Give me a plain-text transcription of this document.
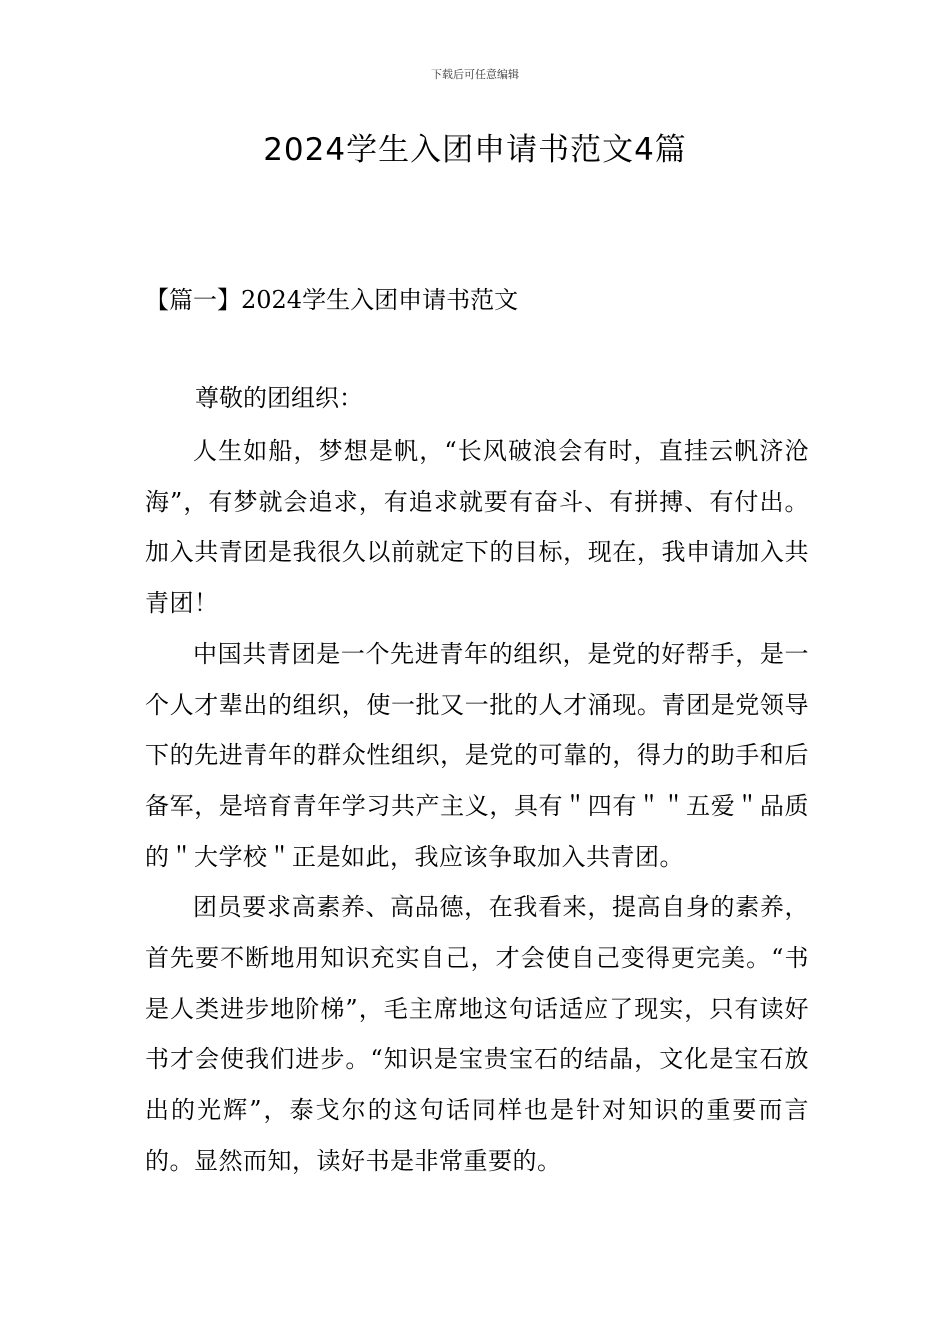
下载后可任意编辑
2024学生入团申请书范文4篇
【篇一】2024学生入团申请书范文
尊敬的团组织：

人生如船，梦想是帆，“长风破浪会有时，直挂云帆济沧海”，有梦就会追求，有追求就要有奋斗、有拼搏、有付出。加入共青团是我很久以前就定下的目标，现在，我申请加入共青团！

中国共青团是一个先进青年的组织，是党的好帮手，是一个人才辈出的组织，使一批又一批的人才涌现。青团是党领导下的先进青年的群众性组织，是党的可靠的，得力的助手和后备军，是培育青年学习共产主义，具有＂四有＂＂五爱＂品质的＂大学校＂正是如此，我应该争取加入共青团。

团员要求高素养、高品德，在我看来，提高自身的素养，首先要不断地用知识充实自己，才会使自己变得更完美。“书是人类进步地阶梯”，毛主席地这句话适应了现实，只有读好书才会使我们进步。“知识是宝贵宝石的结晶，文化是宝石放出的光辉”，泰戈尔的这句话同样也是针对知识的重要而言的。显然而知，读好书是非常重要的。
